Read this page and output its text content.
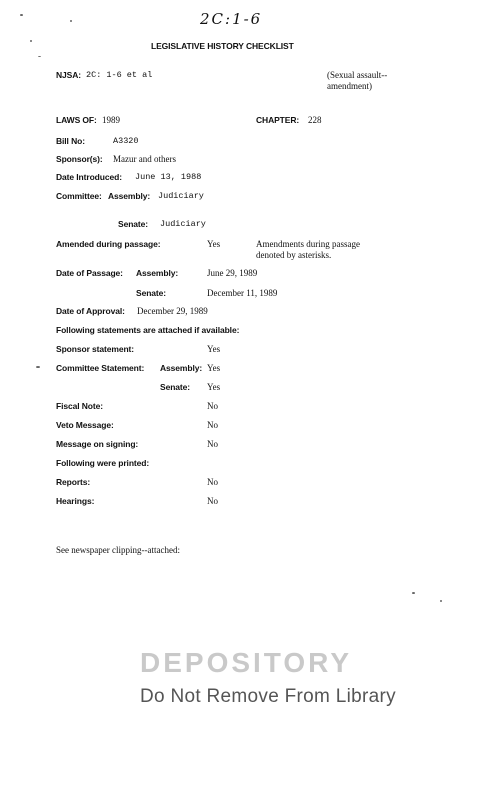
2C:1-6
LEGISLATIVE HISTORY CHECKLIST
NJSA: 2C: 1-6 et al	(Sexual assault--
amendment)
LAWS OF: 1989	CHAPTER: 228
Bill No:	A3320
Sponsor(s): Mazur and others
Date Introduced: June 13, 1988
Committee: Assembly: Judiciary
Senate: Judiciary
Amended during passage:	Yes	Amendments during passage
denoted by asterisks.
Date of Passage: Assembly:	June 29, 1989
Senate:	December 11, 1989
Date of Approval: December 29, 1989
Following statements are attached if available:
Sponsor statement:	Yes
Committee Statement: Assembly: Yes
Senate: Yes
Fiscal Note:	No
Veto Message:	No
Message on signing:	No
Following were printed:
Reports:	No
Hearings:	No
See newspaper clipping--attached:
DEPOSITORY
Do Not Remove From Library
